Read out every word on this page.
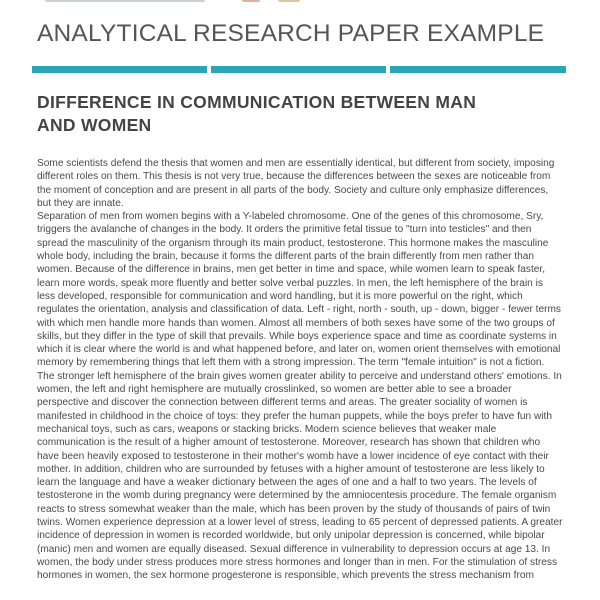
ANALYTICAL RESEARCH PAPER EXAMPLE
DIFFERENCE IN COMMUNICATION BETWEEN MAN AND WOMEN

Some scientists defend the thesis that women and men are essentially identical, but different from society, imposing different roles on them. This thesis is not very true, because the differences between the sexes are noticeable from the moment of conception and are present in all parts of the body. Society and culture only emphasize differences, but they are innate.

Separation of men from women begins with a Y-labeled chromosome. One of the genes of this chromosome, Sry, triggers the avalanche of changes in the body. It orders the primitive fetal tissue to "turn into testicles" and then spread the masculinity of the organism through its main product, testosterone. This hormone makes the masculine whole body, including the brain, because it forms the different parts of the brain differently from men rather than women. Because of the difference in brains, men get better in time and space, while women learn to speak faster, learn more words, speak more fluently and better solve verbal puzzles. In men, the left hemisphere of the brain is less developed, responsible for communication and word handling, but it is more powerful on the right, which regulates the orientation, analysis and classification of data. Left - right, north - south, up - down, bigger - fewer terms with which men handle more hands than women. Almost all members of both sexes have some of the two groups of skills, but they differ in the type of skill that prevails. While boys experience space and time as coordinate systems in which it is clear where the world is and what happened before, and later on, women orient themselves with emotional memory by remembering things that left them with a strong impression. The term "female intuition" is not a fiction. The stronger left hemisphere of the brain gives women greater ability to perceive and understand others' emotions. In women, the left and right hemisphere are mutually crosslinked, so women are better able to see a broader perspective and discover the connection between different terms and areas. The greater sociality of women is manifested in childhood in the choice of toys: they prefer the human puppets, while the boys prefer to have fun with mechanical toys, such as cars, weapons or stacking bricks. Modern science believes that weaker male communication is the result of a higher amount of testosterone. Moreover, research has shown that children who have been heavily exposed to testosterone in their mother's womb have a lower incidence of eye contact with their mother. In addition, children who are surrounded by fetuses with a higher amount of testosterone are less likely to learn the language and have a weaker dictionary between the ages of one and a half to two years. The levels of testosterone in the womb during pregnancy were determined by the amniocentesis procedure. The female organism reacts to stress somewhat weaker than the male, which has been proven by the study of thousands of pairs of twin twins. Women experience depression at a lower level of stress, leading to 65 percent of depressed patients. A greater incidence of depression in women is recorded worldwide, but only unipolar depression is concerned, while bipolar (manic) men and women are equally diseased. Sexual difference in vulnerability to depression occurs at age 13. In women, the body under stress produces more stress hormones and longer than in men. For the stimulation of stress hormones in women, the sex hormone progesterone is responsible, which prevents the stress mechanism from
